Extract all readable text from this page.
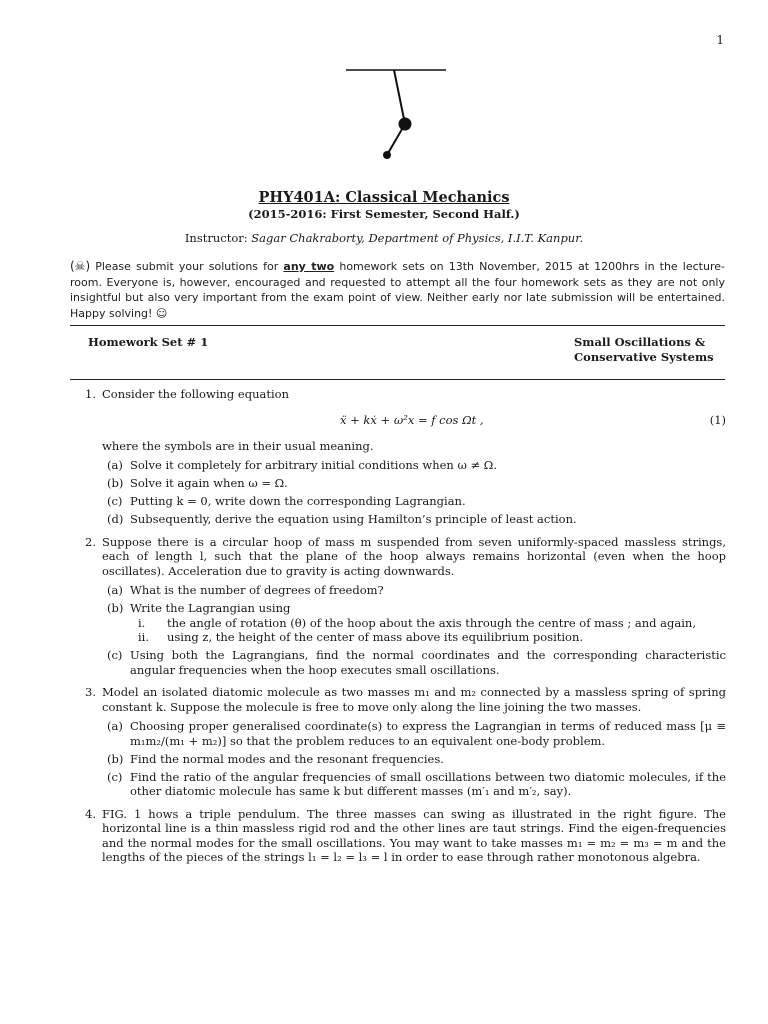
1
PHY401A: Classical Mechanics
(2015-2016: First Semester, Second Half.)
Instructor: Sagar Chakraborty, Department of Physics, I.I.T. Kanpur.
(☠) Please submit your solutions for any two homework sets on 13th November, 2015 at 1200hrs in the lecture-room. Everyone is, however, encouraged and requested to attempt all the four homework sets as they are not only insightful but also very important from the exam point of view. Neither early nor late submission will be entertained. Happy solving! ☺
Homework Set # 1	Small Oscillations &
Conservative Systems
1. Consider the following equation
ẍ + kẋ + ω²x = f cos Ωt ,	(1)
where the symbols are in their usual meaning.
(a) Solve it completely for arbitrary initial conditions when ω ≠ Ω.
(b) Solve it again when ω = Ω.
(c) Putting k = 0, write down the corresponding Lagrangian.
(d) Subsequently, derive the equation using Hamilton’s principle of least action.
2. Suppose there is a circular hoop of mass m suspended from seven uniformly-spaced massless strings, each of length l, such that the plane of the hoop always remains horizontal (even when the hoop oscillates). Acceleration due to gravity is acting downwards.
(a) What is the number of degrees of freedom?
(b) Write the Lagrangian using
i. the angle of rotation (θ) of the hoop about the axis through the centre of mass ; and again,
ii. using z, the height of the center of mass above its equilibrium position.
(c) Using both the Lagrangians, find the normal coordinates and the corresponding characteristic angular frequencies when the hoop executes small oscillations.
3. Model an isolated diatomic molecule as two masses m₁ and m₂ connected by a massless spring of spring constant k. Suppose the molecule is free to move only along the line joining the two masses.
(a) Choosing proper generalised coordinate(s) to express the Lagrangian in terms of reduced mass [μ ≡ m₁m₂/(m₁ + m₂)] so that the problem reduces to an equivalent one-body problem.
(b) Find the normal modes and the resonant frequencies.
(c) Find the ratio of the angular frequencies of small oscillations between two diatomic molecules, if the other diatomic molecule has same k but different masses (m′₁ and m′₂, say).
4. FIG. 1 hows a triple pendulum. The three masses can swing as illustrated in the right figure. The horizontal line is a thin massless rigid rod and the other lines are taut strings. Find the eigen-frequencies and the normal modes for the small oscillations. You may want to take masses m₁ = m₂ = m₃ = m and the lengths of the pieces of the strings l₁ = l₂ = l₃ = l in order to ease through rather monotonous algebra.
